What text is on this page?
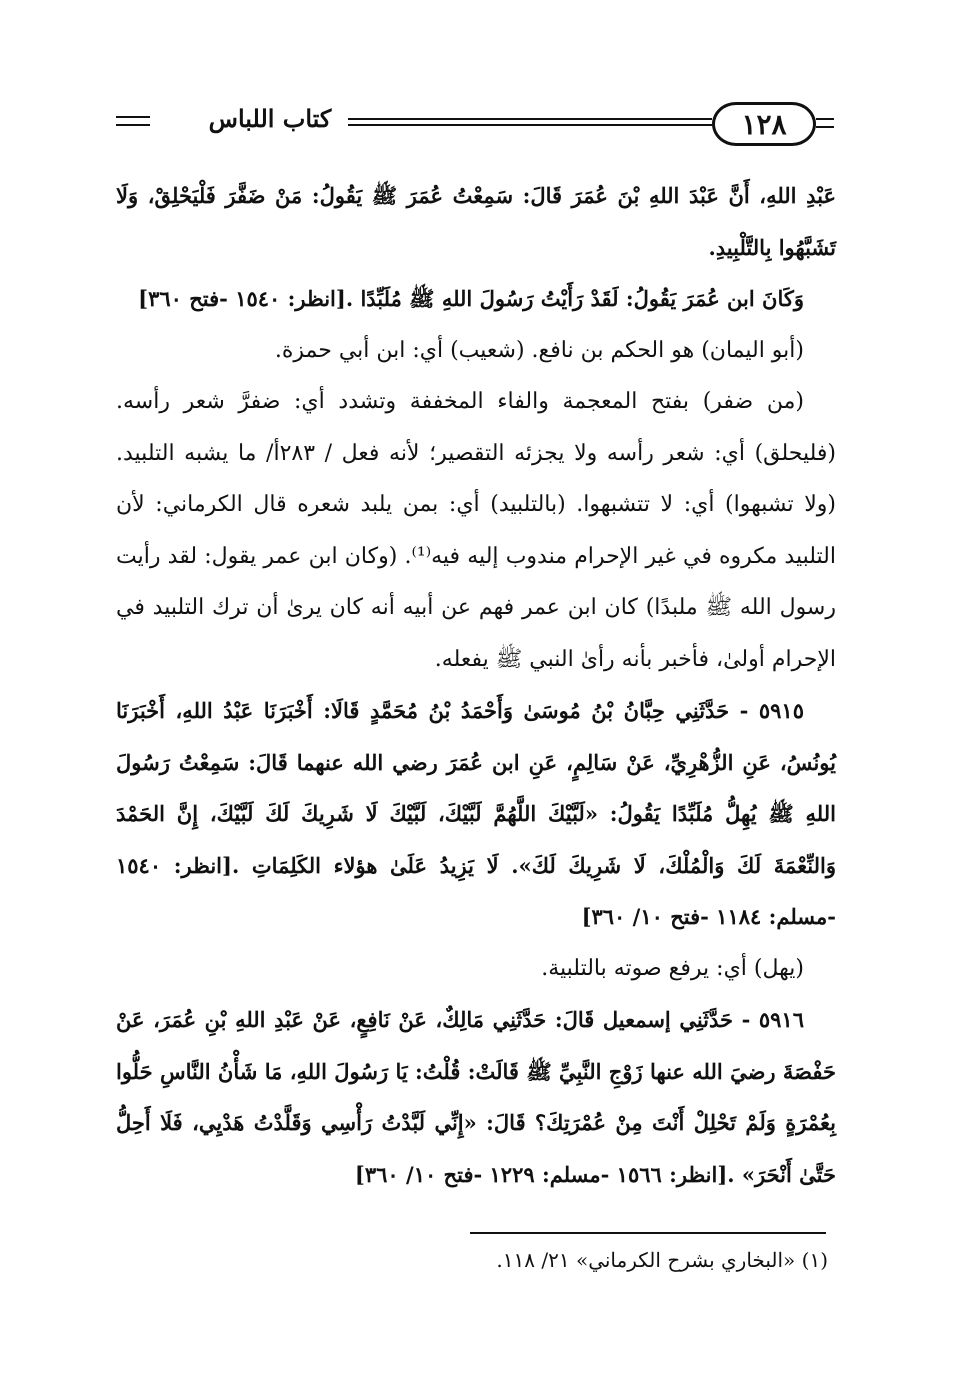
كتاب اللباس	١٢٨

عَبْدِ اللهِ، أَنَّ عَبْدَ اللهِ بْنَ عُمَرَ قَالَ: سَمِعْتُ عُمَرَ ﷺ يَقُولُ: مَنْ ضَفَّرَ فَلْيَحْلِقْ، وَلَا تَشَبَّهُوا بِالتَّلْبِيدِ.

وَكَانَ ابن عُمَرَ يَقُولُ: لَقَدْ رَأَيْتُ رَسُولَ اللهِ ﷺ مُلَبِّدًا .[انظر: ١٥٤٠ -فتح ٣٦٠]

(أبو اليمان) هو الحكم بن نافع. (شعيب) أي: ابن أبي حمزة.

(من ضفر) بفتح المعجمة والفاء المخففة وتشدد أي: ضفرَّ شعر رأسه. (فليحلق) أي: شعر رأسه ولا يجزئه التقصير؛ لأنه فعل / ٢٨٣أ/ ما يشبه التلبيد. (ولا تشبهوا) أي: لا تتشبهوا. (بالتلبيد) أي: بمن يلبد شعره قال الكرماني: لأن التلبيد مكروه في غير الإحرام مندوب إليه فيه⁽¹⁾. (وكان ابن عمر يقول: لقد رأيت رسول الله ﷺ ملبدًا) كان ابن عمر فهم عن أبيه أنه كان يرىٰ أن ترك التلبيد في الإحرام أولىٰ، فأخبر بأنه رأىٰ النبي ﷺ يفعله.

٥٩١٥ - حَدَّثَنِي حِبَّانُ بْنُ مُوسَىٰ وَأَحْمَدُ بْنُ مُحَمَّدٍ قَالَا: أَخْبَرَنَا عَبْدُ اللهِ، أَخْبَرَنَا يُونُسُ، عَنِ الزُّهْرِيِّ، عَنْ سَالِمٍ، عَنِ ابن عُمَرَ رضي الله عنهما قَالَ: سَمِعْتُ رَسُولَ اللهِ ﷺ يُهِلُّ مُلَبِّدًا يَقُولُ: «لَبَّيْكَ اللَّهُمَّ لَبَّيْكَ، لَبَّيْكَ لَا شَرِيكَ لَكَ لَبَّيْكَ، إِنَّ الحَمْدَ وَالنِّعْمَةَ لَكَ وَالْمُلْكَ، لَا شَرِيكَ لَكَ». لَا يَزِيدُ عَلَىٰ هؤلاء الكَلِمَاتِ .[انظر: ١٥٤٠ -مسلم: ١١٨٤ -فتح ١٠/ ٣٦٠]

(يهل) أي: يرفع صوته بالتلبية.

٥٩١٦ - حَدَّثَنِي إسمعيل قَالَ: حَدَّثَنِي مَالِكٌ، عَنْ نَافِعٍ، عَنْ عَبْدِ اللهِ بْنِ عُمَرَ، عَنْ حَفْصَةَ رضيَ الله عنها زَوْجِ النَّبِيِّ ﷺ قَالَتْ: قُلْتُ: يَا رَسُولَ اللهِ، مَا شَأْنُ النَّاسِ حَلُّوا بِعُمْرَةٍ وَلَمْ تَحْلِلْ أَنْتَ مِنْ عُمْرَتِكَ؟ قَالَ: «إِنِّي لَبَّدْتُ رَأْسِي وَقَلَّدْتُ هَدْيِي، فَلَا أَحِلُّ حَتَّىٰ أَنْحَرَ» .[انظر: ١٥٦٦ -مسلم: ١٢٢٩ -فتح ١٠/ ٣٦٠]

(١) «البخاري بشرح الكرماني» ٢١/ ١١٨.
